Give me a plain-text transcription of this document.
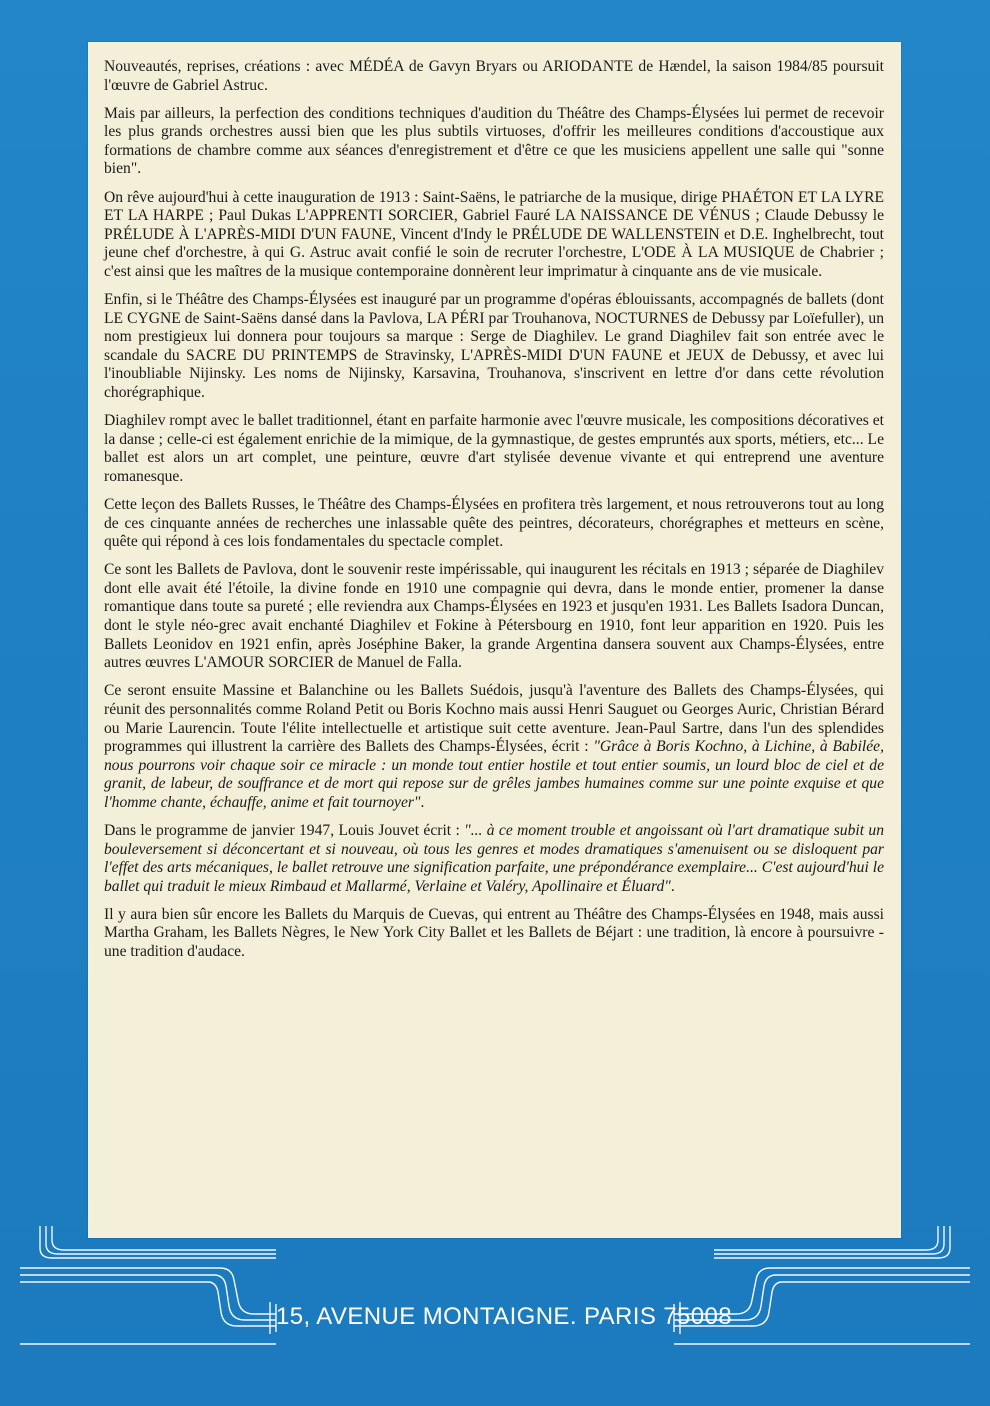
Nouveautés, reprises, créations : avec MÉDÉA de Gavyn Bryars ou ARIODANTE de Hændel, la saison 1984/85 poursuit l'œuvre de Gabriel Astruc.

Mais par ailleurs, la perfection des conditions techniques d'audition du Théâtre des Champs-Élysées lui permet de recevoir les plus grands orchestres aussi bien que les plus subtils virtuoses, d'offrir les meilleures conditions d'accoustique aux formations de chambre comme aux séances d'enregistrement et d'être ce que les musiciens appellent une salle qui "sonne bien".

On rêve aujourd'hui à cette inauguration de 1913 : Saint-Saëns, le patriarche de la musique, dirige PHAÉTON ET LA LYRE ET LA HARPE ; Paul Dukas L'APPRENTI SORCIER, Gabriel Fauré LA NAISSANCE DE VÉNUS ; Claude Debussy le PRÉLUDE À L'APRÈS-MIDI D'UN FAUNE, Vincent d'Indy le PRÉLUDE DE WALLENSTEIN et D.E. Inghelbrecht, tout jeune chef d'orchestre, à qui G. Astruc avait confié le soin de recruter l'orchestre, L'ODE À LA MUSIQUE de Chabrier ; c'est ainsi que les maîtres de la musique contemporaine donnèrent leur imprimatur à cinquante ans de vie musicale.

Enfin, si le Théâtre des Champs-Élysées est inauguré par un programme d'opéras éblouissants, accompagnés de ballets (dont LE CYGNE de Saint-Saëns dansé dans la Pavlova, LA PÉRI par Trouhanova, NOCTURNES de Debussy par Loïefuller), un nom prestigieux lui donnera pour toujours sa marque : Serge de Diaghilev. Le grand Diaghilev fait son entrée avec le scandale du SACRE DU PRINTEMPS de Stravinsky, L'APRÈS-MIDI D'UN FAUNE et JEUX de Debussy, et avec lui l'inoubliable Nijinsky. Les noms de Nijinsky, Karsavina, Trouhanova, s'inscrivent en lettre d'or dans cette révolution chorégraphique.

Diaghilev rompt avec le ballet traditionnel, étant en parfaite harmonie avec l'œuvre musicale, les compositions décoratives et la danse ; celle-ci est également enrichie de la mimique, de la gymnastique, de gestes empruntés aux sports, métiers, etc... Le ballet est alors un art complet, une peinture, œuvre d'art stylisée devenue vivante et qui entreprend une aventure romanesque.

Cette leçon des Ballets Russes, le Théâtre des Champs-Élysées en profitera très largement, et nous retrouverons tout au long de ces cinquante années de recherches une inlassable quête des peintres, décorateurs, chorégraphes et metteurs en scène, quête qui répond à ces lois fondamentales du spectacle complet.

Ce sont les Ballets de Pavlova, dont le souvenir reste impérissable, qui inaugurent les récitals en 1913 ; séparée de Diaghilev dont elle avait été l'étoile, la divine fonde en 1910 une compagnie qui devra, dans le monde entier, promener la danse romantique dans toute sa pureté ; elle reviendra aux Champs-Élysées en 1923 et jusqu'en 1931. Les Ballets Isadora Duncan, dont le style néo-grec avait enchanté Diaghilev et Fokine à Pétersbourg en 1910, font leur apparition en 1920. Puis les Ballets Leonidov en 1921 enfin, après Joséphine Baker, la grande Argentina dansera souvent aux Champs-Élysées, entre autres œuvres L'AMOUR SORCIER de Manuel de Falla.

Ce seront ensuite Massine et Balanchine ou les Ballets Suédois, jusqu'à l'aventure des Ballets des Champs-Élysées, qui réunit des personnalités comme Roland Petit ou Boris Kochno mais aussi Henri Sauguet ou Georges Auric, Christian Bérard ou Marie Laurencin. Toute l'élite intellectuelle et artistique suit cette aventure. Jean-Paul Sartre, dans l'un des splendides programmes qui illustrent la carrière des Ballets des Champs-Élysées, écrit : "Grâce à Boris Kochno, à Lichine, à Babilée, nous pourrons voir chaque soir ce miracle : un monde tout entier hostile et tout entier soumis, un lourd bloc de ciel et de granit, de labeur, de souffrance et de mort qui repose sur de grêles jambes humaines comme sur une pointe exquise et que l'homme chante, échauffe, anime et fait tournoyer".

Dans le programme de janvier 1947, Louis Jouvet écrit : "... à ce moment trouble et angoissant où l'art dramatique subit un bouleversement si déconcertant et si nouveau, où tous les genres et modes dramatiques s'amenuisent ou se disloquent par l'effet des arts mécaniques, le ballet retrouve une signification parfaite, une prépondérance exemplaire... C'est aujourd'hui le ballet qui traduit le mieux Rimbaud et Mallarmé, Verlaine et Valéry, Apollinaire et Éluard".

Il y aura bien sûr encore les Ballets du Marquis de Cuevas, qui entrent au Théâtre des Champs-Élysées en 1948, mais aussi Martha Graham, les Ballets Nègres, le New York City Ballet et les Ballets de Béjart : une tradition, là encore à poursuivre - une tradition d'audace.

15, AVENUE MONTAIGNE. PARIS 75008
